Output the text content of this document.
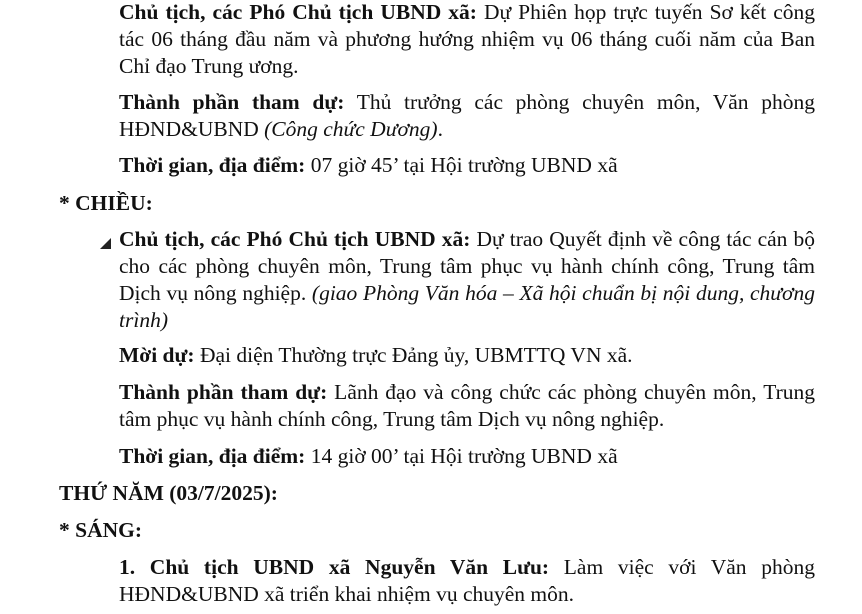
Chủ tịch, các Phó Chủ tịch UBND xã: Dự Phiên họp trực tuyến Sơ kết công tác 06 tháng đầu năm và phương hướng nhiệm vụ 06 tháng cuối năm của Ban Chỉ đạo Trung ương.

Thành phần tham dự: Thủ trưởng các phòng chuyên môn, Văn phòng HĐND&UBND (Công chức Dương).

Thời gian, địa điểm: 07 giờ 45’ tại Hội trường UBND xã

* CHIỀU:

Chủ tịch, các Phó Chủ tịch UBND xã: Dự trao Quyết định về công tác cán bộ cho các phòng chuyên môn, Trung tâm phục vụ hành chính công, Trung tâm Dịch vụ nông nghiệp. (giao Phòng Văn hóa – Xã hội chuẩn bị nội dung, chương trình)

Mời dự: Đại diện Thường trực Đảng ủy, UBMTTQ VN xã.

Thành phần tham dự: Lãnh đạo và công chức các phòng chuyên môn, Trung tâm phục vụ hành chính công, Trung tâm Dịch vụ nông nghiệp.

Thời gian, địa điểm: 14 giờ 00’ tại Hội trường UBND xã

THỨ NĂM (03/7/2025):

* SÁNG:

1. Chủ tịch UBND xã Nguyễn Văn Lưu: Làm việc với Văn phòng HĐND&UBND xã triển khai nhiệm vụ chuyên môn.
